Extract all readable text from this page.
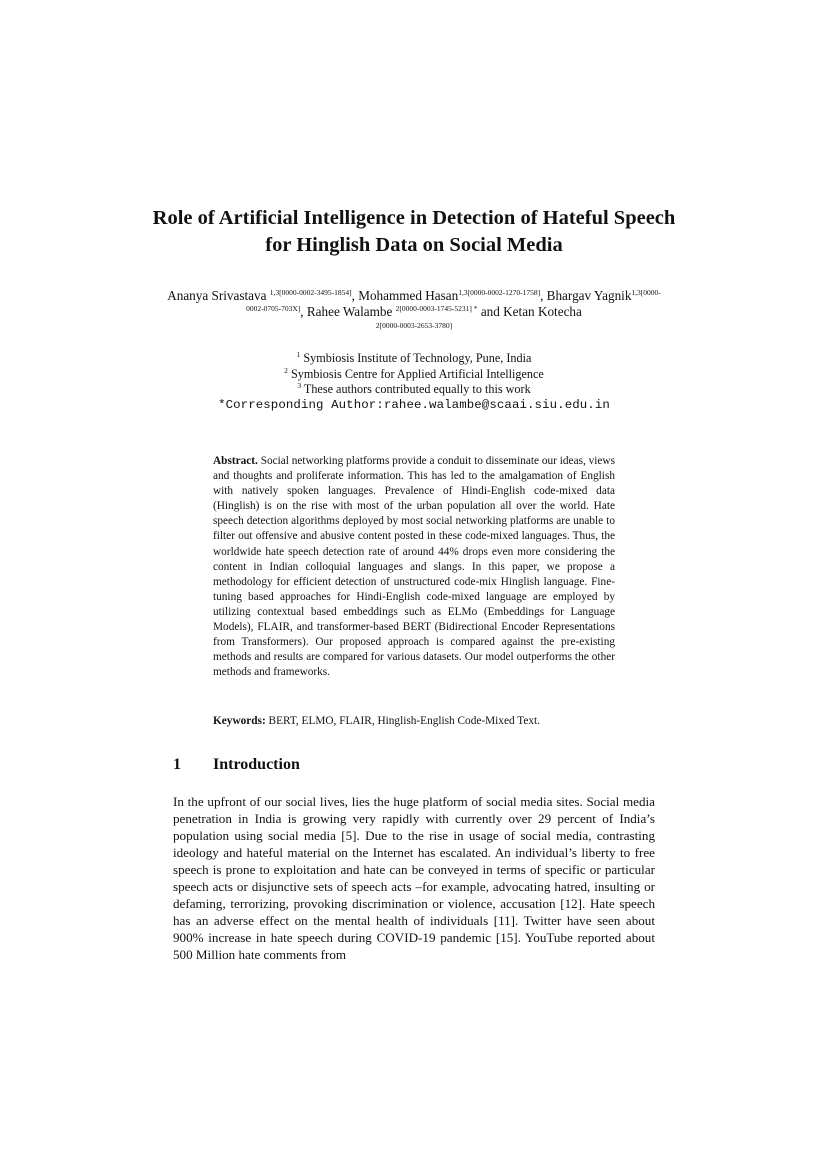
Role of Artificial Intelligence in Detection of Hateful Speech for Hinglish Data on Social Media
Ananya Srivastava $^{1,3[0000-0002-3495-1854]}$, Mohammed Hasan$^{1,3[0000-0002-1270-1758]}$, Bhargav Yagnik$^{1,3[0000-0002-0705-703X]}$, Rahee Walambe $^{2[0000-0003-1745-5231] *}$ and Ketan Kotecha
2[0000-0003-2653-3780]
$^1$ Symbiosis Institute of Technology, Pune, India
$^2$ Symbiosis Centre for Applied Artificial Intelligence
$^3$ These authors contributed equally to this work
*Corresponding Author:rahee.walambe@scaai.siu.edu.in
Abstract. Social networking platforms provide a conduit to disseminate our ideas, views and thoughts and proliferate information. This has led to the amalgamation of English with natively spoken languages. Prevalence of Hindi-English code-mixed data (Hinglish) is on the rise with most of the urban population all over the world. Hate speech detection algorithms deployed by most social networking platforms are unable to filter out offensive and abusive content posted in these code-mixed languages. Thus, the worldwide hate speech detection rate of around 44% drops even more considering the content in Indian colloquial languages and slangs. In this paper, we propose a methodology for efficient detection of unstructured code-mix Hinglish language. Fine-tuning based approaches for Hindi-English code-mixed language are employed by utilizing contextual based embeddings such as ELMo (Embeddings for Language Models), FLAIR, and transformer-based BERT (Bidirectional Encoder Representations from Transformers). Our proposed approach is compared against the pre-existing methods and results are compared for various datasets. Our model outperforms the other methods and frameworks.
Keywords: BERT, ELMO, FLAIR, Hinglish-English Code-Mixed Text.
1 Introduction
In the upfront of our social lives, lies the huge platform of social media sites. Social media penetration in India is growing very rapidly with currently over 29 percent of India’s population using social media [5]. Due to the rise in usage of social media, contrasting ideology and hateful material on the Internet has escalated. An individual’s liberty to free speech is prone to exploitation and hate can be conveyed in terms of specific or particular speech acts or disjunctive sets of speech acts –for example, advocating hatred, insulting or defaming, terrorizing, provoking discrimination or violence, accusation [12]. Hate speech has an adverse effect on the mental health of individuals [11]. Twitter have seen about 900% increase in hate speech during COVID-19 pandemic [15]. YouTube reported about 500 Million hate comments from
